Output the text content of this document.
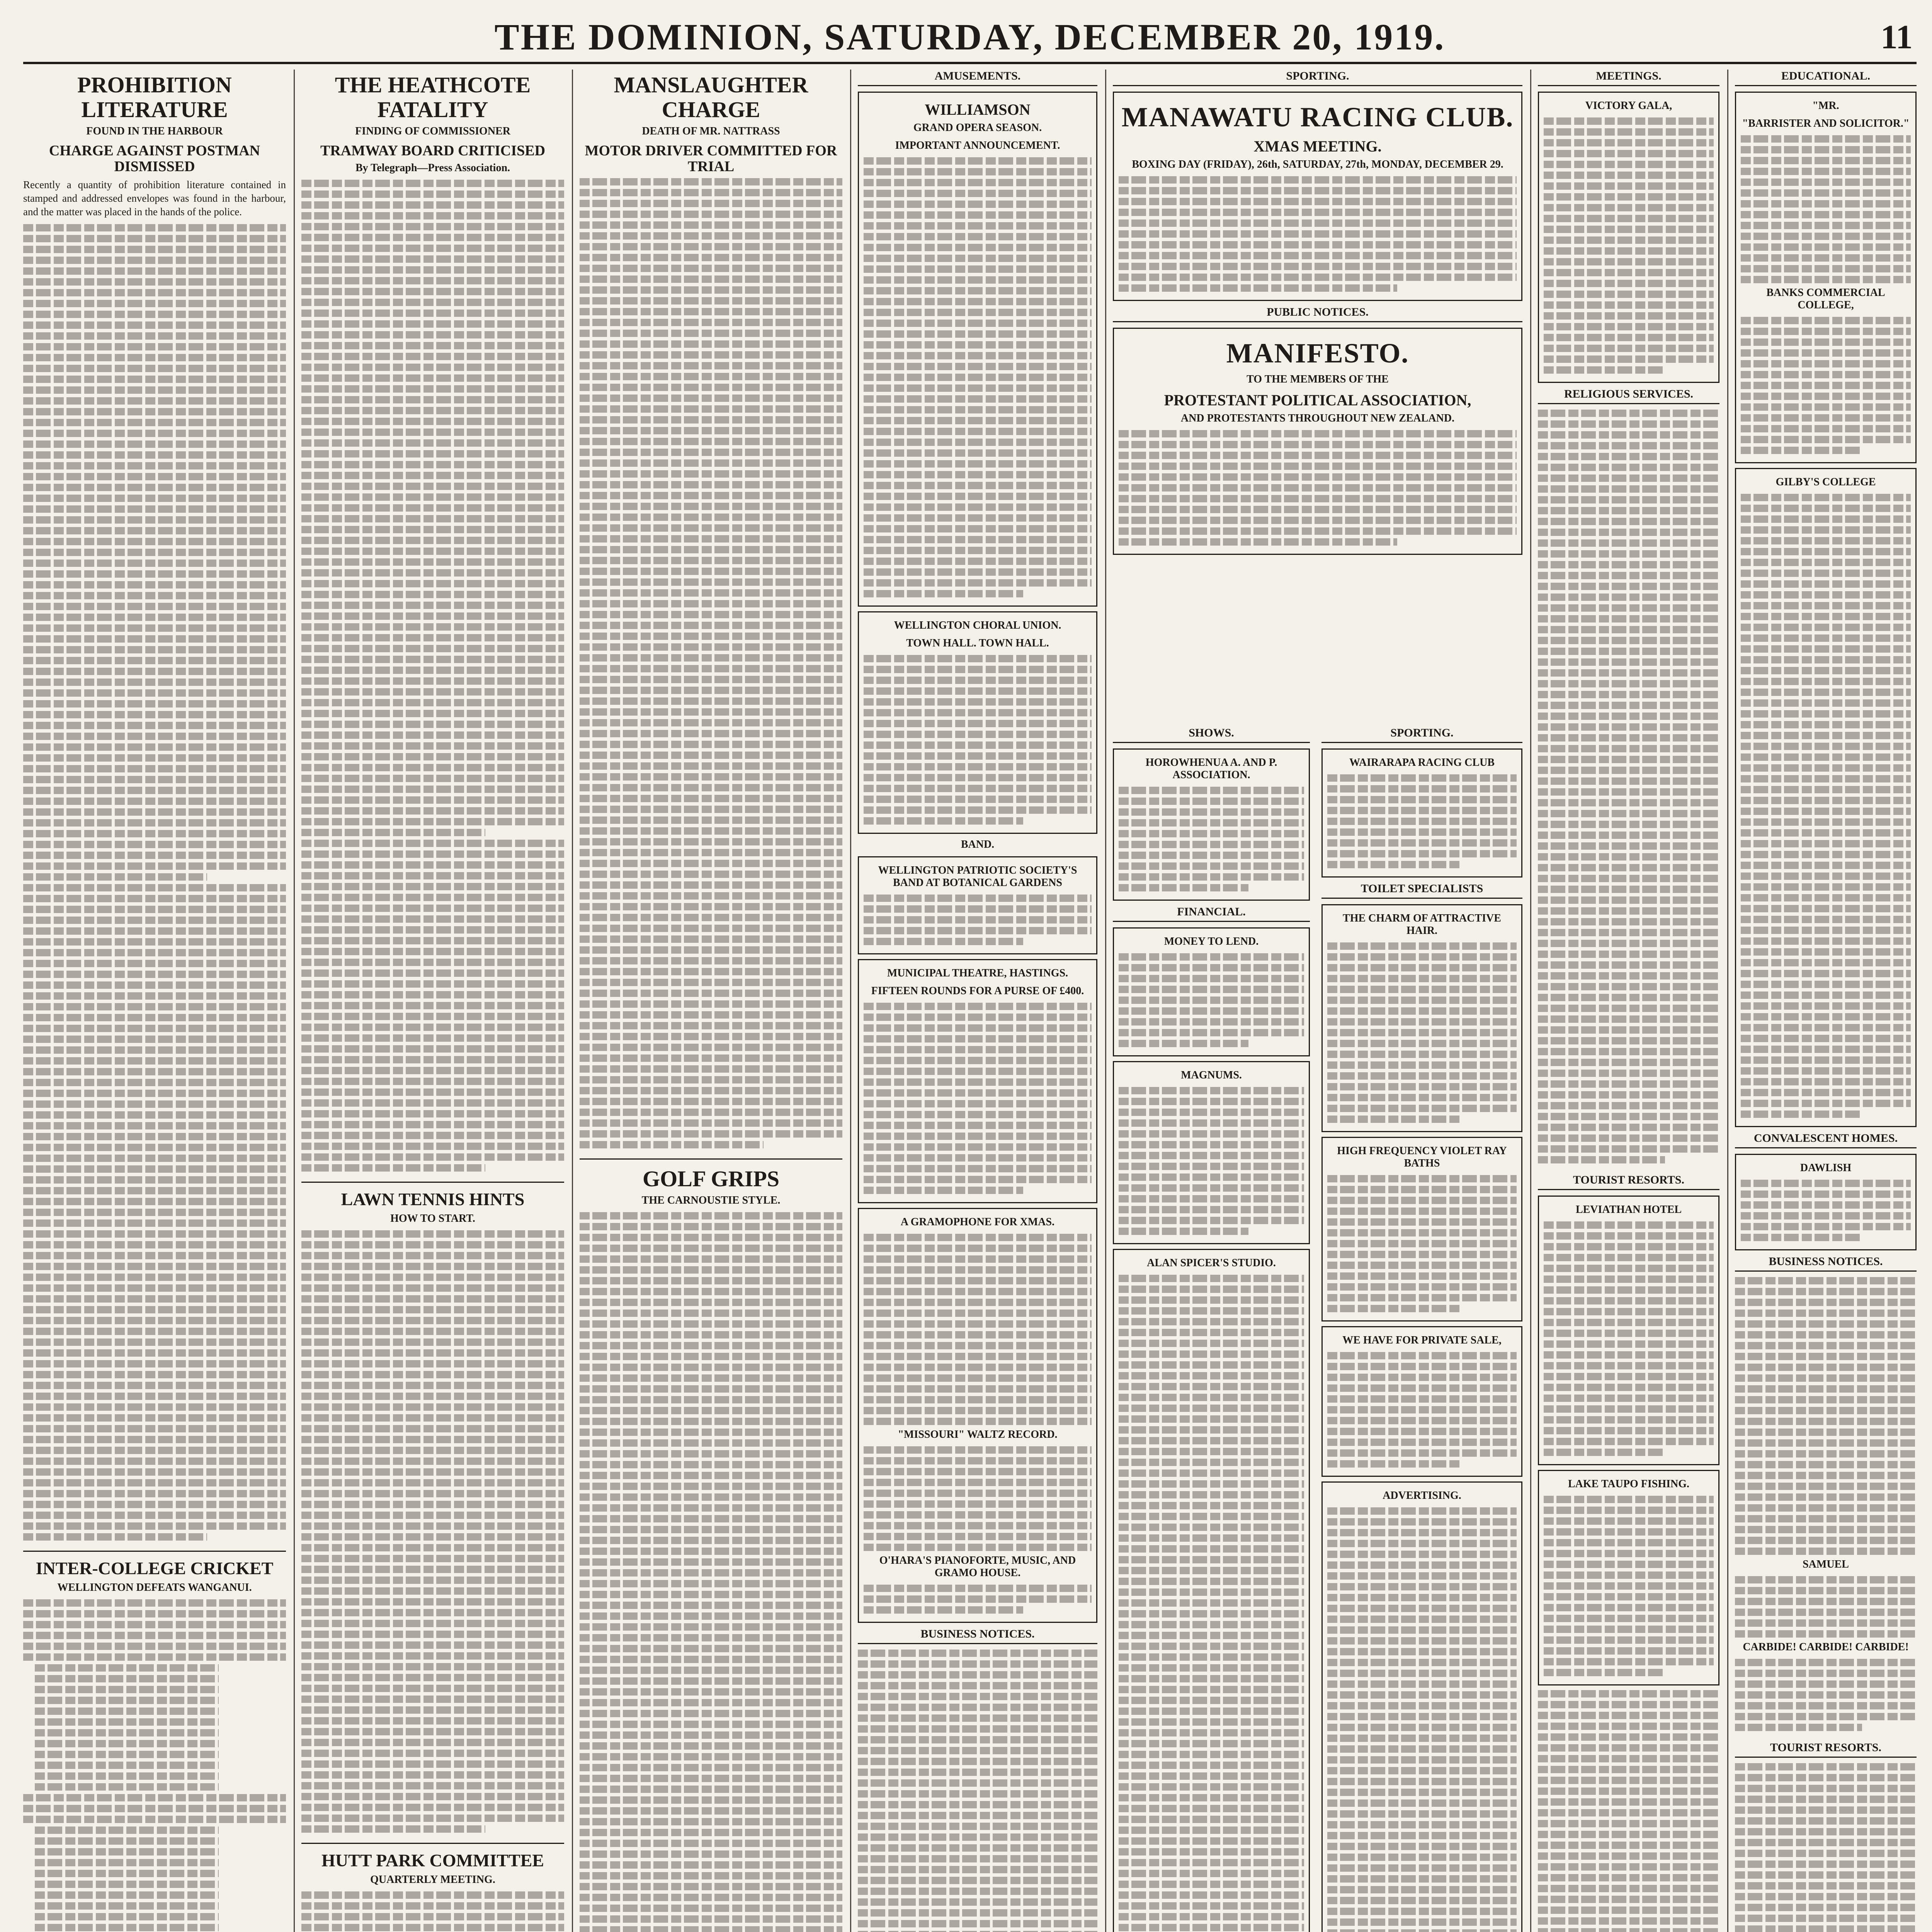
THE DOMINION, SATURDAY, DECEMBER 20, 1919.	11
PROHIBITION LITERATURE
FOUND IN THE HARBOUR
CHARGE AGAINST POSTMAN DISMISSED
Recently a quantity of prohibition literature contained in stamped and addressed envelopes was found in the harbour, and the matter was placed in the hands of the police.
INTER-COLLEGE CRICKET
WELLINGTON DEFEATS WANGANUI.
THE HEATHCOTE FATALITY
FINDING OF COMMISSIONER
TRAMWAY BOARD CRITICISED
By Telegraph—Press Association.
LAWN TENNIS HINTS
HOW TO START.
HUTT PARK COMMITTEE
QUARTERLY MEETING.
MANSLAUGHTER CHARGE
DEATH OF MR. NATTRASS
MOTOR DRIVER COMMITTED FOR TRIAL
GOLF GRIPS
THE CARNOUSTIE STYLE.
AMUSEMENTS.
WILLIAMSON
GRAND OPERA SEASON.
IMPORTANT ANNOUNCEMENT.
WELLINGTON CHORAL UNION.
TOWN HALL. TOWN HALL.
BAND.
WELLINGTON PATRIOTIC SOCIETY'S BAND AT BOTANICAL GARDENS
MUNICIPAL THEATRE, HASTINGS.
FIFTEEN ROUNDS FOR A PURSE OF £400.
A GRAMOPHONE FOR XMAS.
"MISSOURI" WALTZ RECORD.
O'HARA'S PIANOFORTE, MUSIC, AND GRAMO HOUSE.
BUSINESS NOTICES.
SPORTING.
MANAWATU RACING CLUB.
XMAS MEETING.
BOXING DAY (FRIDAY), 26th, SATURDAY, 27th, MONDAY, DECEMBER 29.
PUBLIC NOTICES.
MANIFESTO.
TO THE MEMBERS OF THE
PROTESTANT POLITICAL ASSOCIATION,
AND PROTESTANTS THROUGHOUT NEW ZEALAND.
SHOWS.
HOROWHENUA A. AND P. ASSOCIATION.
FINANCIAL.
MONEY TO LEND.
MAGNUMS.
ALAN SPICER'S STUDIO.
SPORTING.
WAIRARAPA RACING CLUB
TOILET SPECIALISTS
THE CHARM OF ATTRACTIVE HAIR.
HIGH FREQUENCY VIOLET RAY BATHS
WE HAVE FOR PRIVATE SALE,
ADVERTISING.
MEETINGS.
VICTORY GALA,
RELIGIOUS SERVICES.
TOURIST RESORTS.
LEVIATHAN HOTEL
LAKE TAUPO FISHING.
EDUCATIONAL.
"MR.
"BARRISTER AND SOLICITOR."
BANKS COMMERCIAL COLLEGE,
GILBY'S COLLEGE
CONVALESCENT HOMES.
DAWLISH
BUSINESS NOTICES.
SAMUEL
CARBIDE! CARBIDE! CARBIDE!
TOURIST RESORTS.
